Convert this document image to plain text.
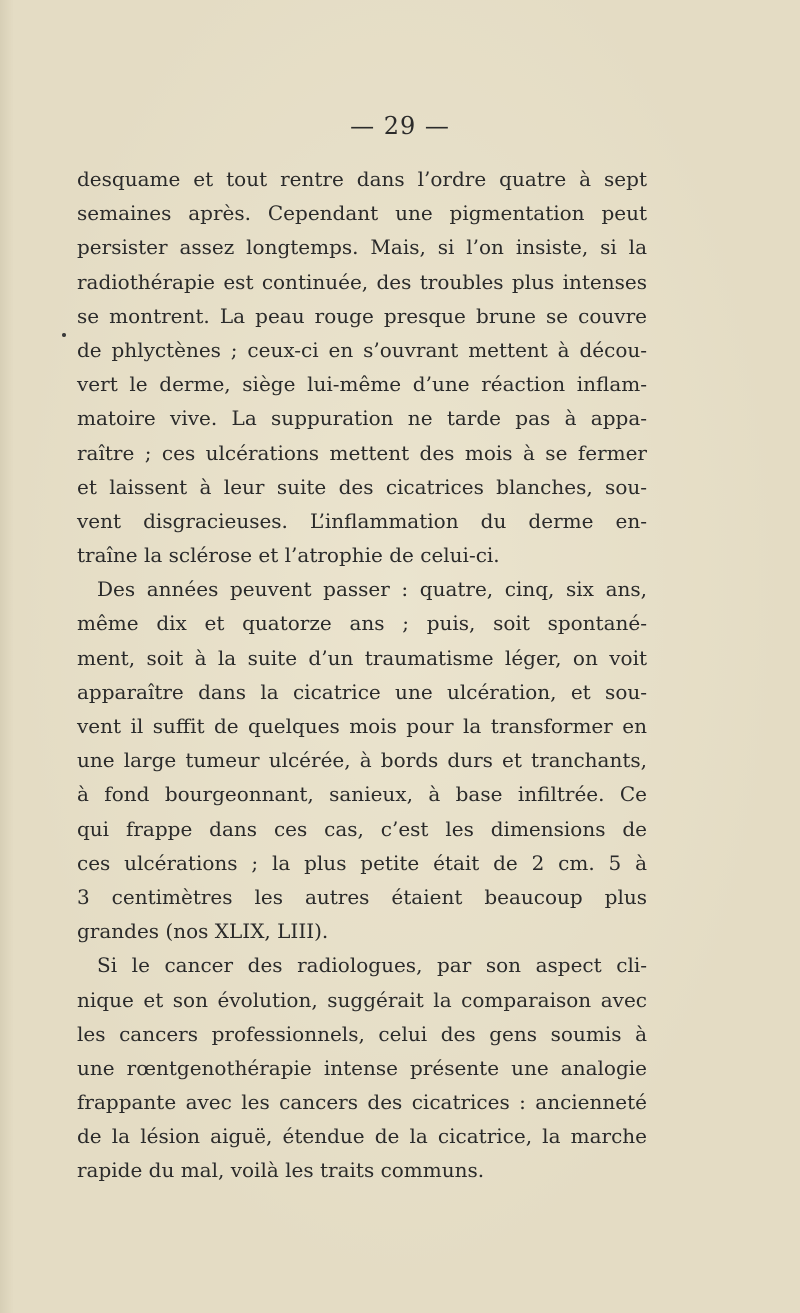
— 29 —
desquame et tout rentre dans l’ordre quatre à sept
semaines après. Cependant une pigmentation peut
persister assez longtemps. Mais, si l’on insiste, si la
radiothérapie est continuée, des troubles plus intenses
se montrent. La peau rouge presque brune se couvre
de phlyctènes ; ceux-ci en s’ouvrant mettent à décou-
vert le derme, siège lui-même d’une réaction inflam-
matoire vive. La suppuration ne tarde pas à appa-
raître ; ces ulcérations mettent des mois à se fermer
et laissent à leur suite des cicatrices blanches, sou-
vent disgracieuses. L’inflammation du derme en-
traîne la sclérose et l’atrophie de celui-ci.
Des années peuvent passer : quatre, cinq, six ans,
même dix et quatorze ans ; puis, soit spontané-
ment, soit à la suite d’un traumatisme léger, on voit
apparaître dans la cicatrice une ulcération, et sou-
vent il suffit de quelques mois pour la transformer en
une large tumeur ulcérée, à bords durs et tranchants,
à fond bourgeonnant, sanieux, à base infiltrée. Ce
qui frappe dans ces cas, c’est les dimensions de
ces ulcérations ; la plus petite était de 2 cm. 5 à
3 centimètres les autres étaient beaucoup plus
grandes (nos XLIX, LIII).
Si le cancer des radiologues, par son aspect cli-
nique et son évolution, suggérait la comparaison avec
les cancers professionnels, celui des gens soumis à
une rœntgenothérapie intense présente une analogie
frappante avec les cancers des cicatrices : ancienneté
de la lésion aiguë, étendue de la cicatrice, la marche
rapide du mal, voilà les traits communs.
